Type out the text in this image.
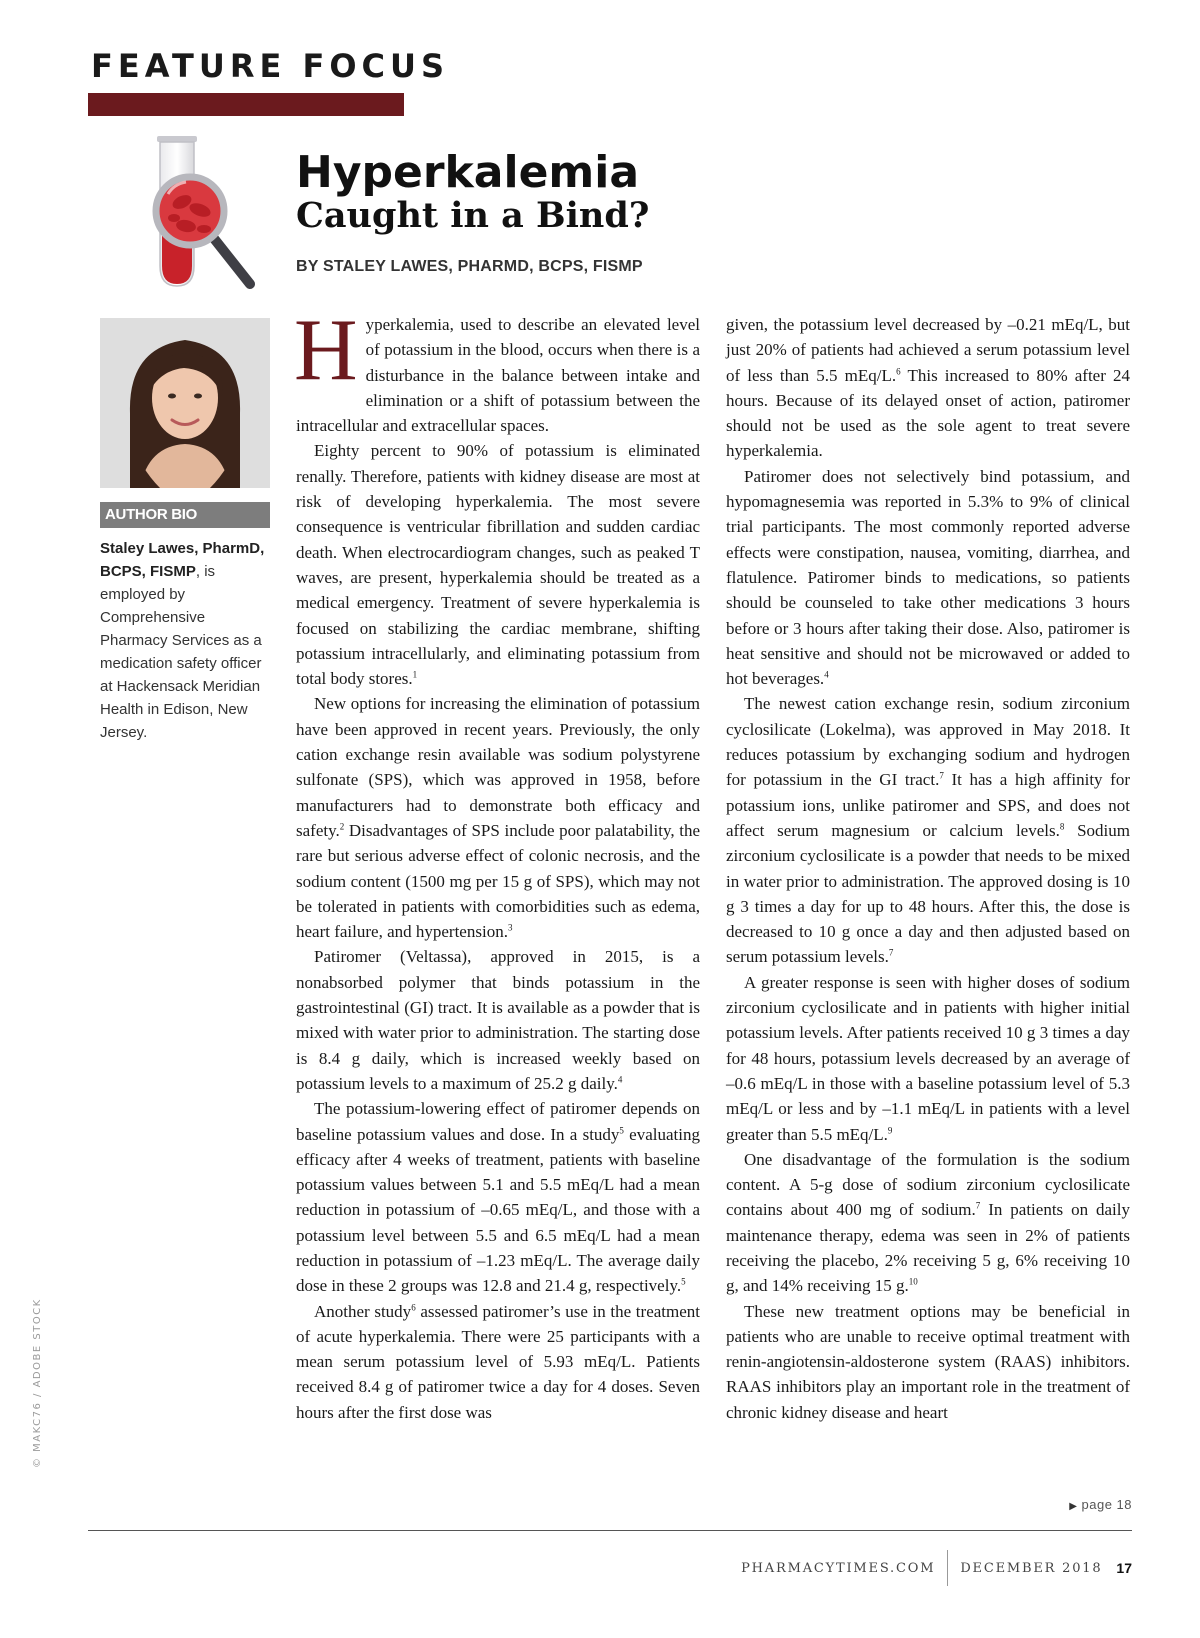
FEATURE FOCUS
Hyperkalemia
Caught in a Bind?
BY STALEY LAWES, PHARMD, BCPS, FISMP
AUTHOR BIO
Staley Lawes, PharmD, BCPS, FISMP, is employed by Comprehensive Pharmacy Services as a medication safety officer at Hackensack Meridian Health in Edison, New Jersey.

Hyperkalemia, used to describe an elevated level of potassium in the blood, occurs when there is a disturbance in the balance between intake and elimination or a shift of potassium between the intracellular and extracellular spaces.

Eighty percent to 90% of potassium is eliminated renally. Therefore, patients with kidney disease are most at risk of developing hyperkalemia. The most severe consequence is ventricular fibrillation and sudden cardiac death. When electrocardiogram changes, such as peaked T waves, are present, hyperkalemia should be treated as a medical emergency. Treatment of severe hyperkalemia is focused on stabilizing the cardiac membrane, shifting potassium intracellularly, and eliminating potassium from total body stores.$^1$

New options for increasing the elimination of potassium have been approved in recent years. Previously, the only cation exchange resin available was sodium polystyrene sulfonate (SPS), which was approved in 1958, before manufacturers had to demonstrate both efficacy and safety.$^2$ Disadvantages of SPS include poor palatability, the rare but serious adverse effect of colonic necrosis, and the sodium content (1500 mg per 15 g of SPS), which may not be tolerated in patients with comorbidities such as edema, heart failure, and hypertension.$^3$

Patiromer (Veltassa), approved in 2015, is a nonabsorbed polymer that binds potassium in the gastrointestinal (GI) tract. It is available as a powder that is mixed with water prior to administration. The starting dose is 8.4 g daily, which is increased weekly based on potassium levels to a maximum of 25.2 g daily.$^4$

The potassium-lowering effect of patiromer depends on baseline potassium values and dose. In a study$^5$ evaluating efficacy after 4 weeks of treatment, patients with baseline potassium values between 5.1 and 5.5 mEq/L had a mean reduction in potassium of –0.65 mEq/L, and those with a potassium level between 5.5 and 6.5 mEq/L had a mean reduction in potassium of –1.23 mEq/L. The average daily dose in these 2 groups was 12.8 and 21.4 g, respectively.$^5$

Another study$^6$ assessed patiromer’s use in the treatment of acute hyperkalemia. There were 25 participants with a mean serum potassium level of 5.93 mEq/L. Patients received 8.4 g of patiromer twice a day for 4 doses. Seven hours after the first dose was

given, the potassium level decreased by –0.21 mEq/L, but just 20% of patients had achieved a serum potassium level of less than 5.5 mEq/L.$^6$ This increased to 80% after 24 hours. Because of its delayed onset of action, patiromer should not be used as the sole agent to treat severe hyperkalemia.

Patiromer does not selectively bind potassium, and hypomagnesemia was reported in 5.3% to 9% of clinical trial participants. The most commonly reported adverse effects were constipation, nausea, vomiting, diarrhea, and flatulence. Patiromer binds to medications, so patients should be counseled to take other medications 3 hours before or 3 hours after taking their dose. Also, patiromer is heat sensitive and should not be microwaved or added to hot beverages.$^4$

The newest cation exchange resin, sodium zirconium cyclosilicate (Lokelma), was approved in May 2018. It reduces potassium by exchanging sodium and hydrogen for potassium in the GI tract.$^7$ It has a high affinity for potassium ions, unlike patiromer and SPS, and does not affect serum magnesium or calcium levels.$^8$ Sodium zirconium cyclosilicate is a powder that needs to be mixed in water prior to administration. The approved dosing is 10 g 3 times a day for up to 48 hours. After this, the dose is decreased to 10 g once a day and then adjusted based on serum potassium levels.$^7$

A greater response is seen with higher doses of sodium zirconium cyclosilicate and in patients with higher initial potassium levels. After patients received 10 g 3 times a day for 48 hours, potassium levels decreased by an average of –0.6 mEq/L in those with a baseline potassium level of 5.3 mEq/L or less and by –1.1 mEq/L in patients with a level greater than 5.5 mEq/L.$^9$

One disadvantage of the formulation is the sodium content. A 5-g dose of sodium zirconium cyclosilicate contains about 400 mg of sodium.$^7$ In patients on daily maintenance therapy, edema was seen in 2% of patients receiving the placebo, 2% receiving 5 g, 6% receiving 10 g, and 14% receiving 15 g.$^{10}$

These new treatment options may be beneficial in patients who are unable to receive optimal treatment with renin-angiotensin-aldosterone system (RAAS) inhibitors. RAAS inhibitors play an important role in the treatment of chronic kidney disease and heart

© MAKC76 / ADOBE STOCK
▶ page 18
PHARMACYTIMES.COM DECEMBER 2018 17
